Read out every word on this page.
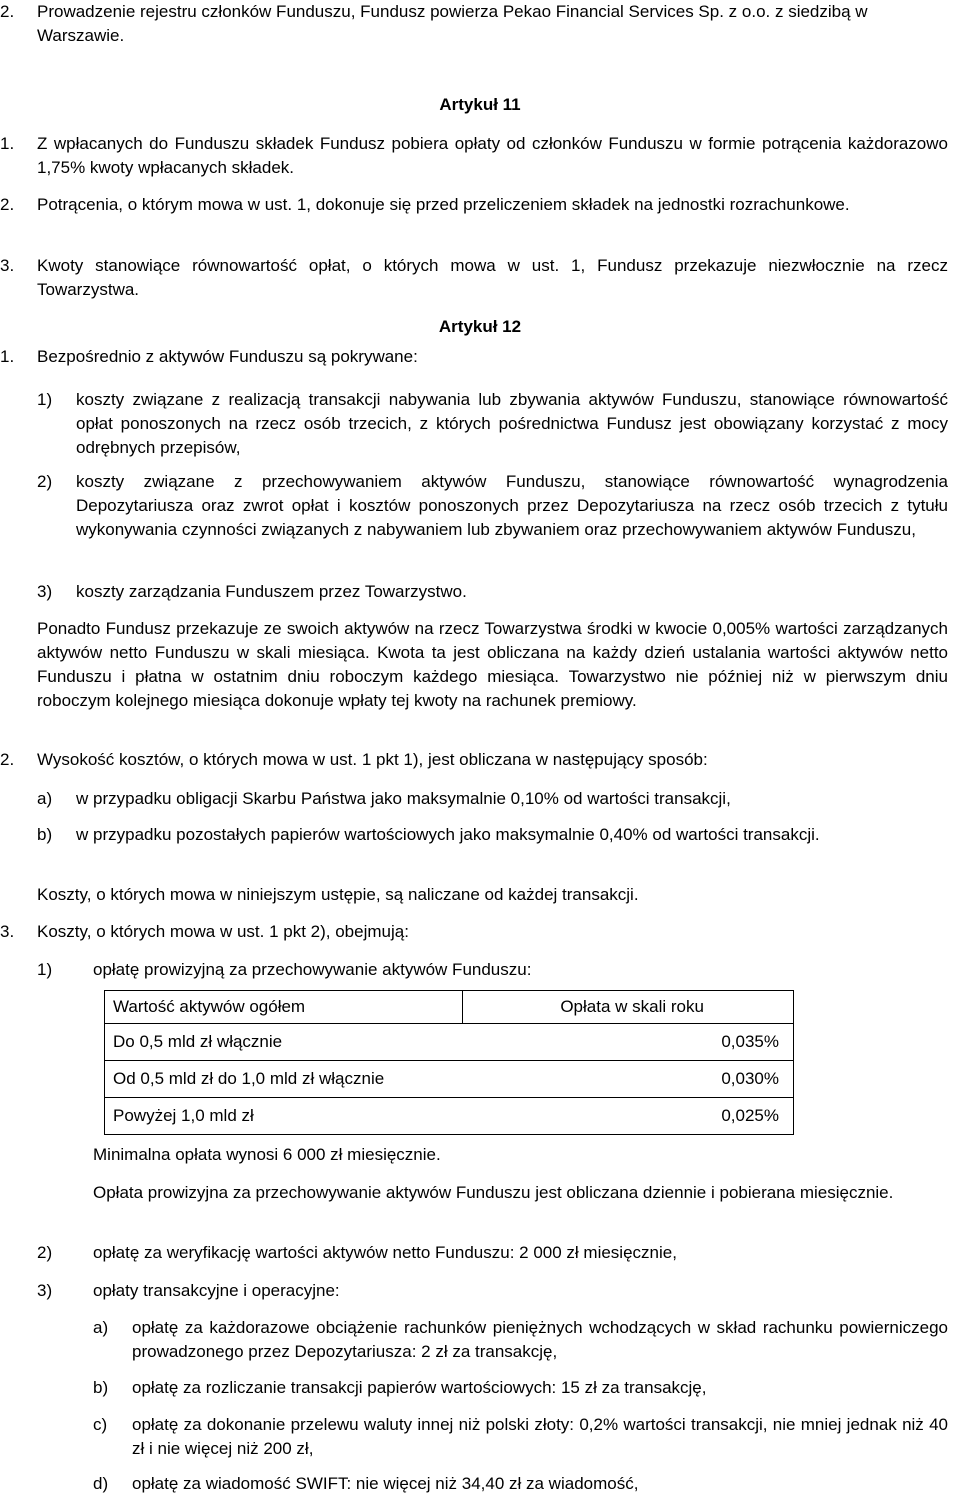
2. Prowadzenie rejestru członków Funduszu, Fundusz powierza Pekao Financial Services Sp. z o.o. z siedzibą w Warszawie.
Artykuł 11
1. Z wpłacanych do Funduszu składek Fundusz pobiera opłaty od członków Funduszu w formie potrącenia każdorazowo 1,75% kwoty wpłacanych składek.
2. Potrącenia, o którym mowa w ust. 1, dokonuje się przed przeliczeniem składek na jednostki rozrachunkowe.
3. Kwoty stanowiące równowartość opłat, o których mowa w ust. 1, Fundusz przekazuje niezwłocznie na rzecz Towarzystwa.
Artykuł 12
1. Bezpośrednio z aktywów Funduszu są pokrywane:
1) koszty związane z realizacją transakcji nabywania lub zbywania aktywów Funduszu, stanowiące równowartość opłat ponoszonych na rzecz osób trzecich, z których pośrednictwa Fundusz jest obowiązany korzystać z mocy odrębnych przepisów,
2) koszty związane z przechowywaniem aktywów Funduszu, stanowiące równowartość wynagrodzenia Depozytariusza oraz zwrot opłat i kosztów ponoszonych przez Depozytariusza na rzecz osób trzecich z tytułu wykonywania czynności związanych z nabywaniem lub zbywaniem oraz przechowywaniem aktywów Funduszu,
3) koszty zarządzania Funduszem przez Towarzystwo.
Ponadto Fundusz przekazuje ze swoich aktywów na rzecz Towarzystwa środki w kwocie 0,005% wartości zarządzanych aktywów netto Funduszu w skali miesiąca. Kwota ta jest obliczana na każdy dzień ustalania wartości aktywów netto Funduszu i płatna w ostatnim dniu roboczym każdego miesiąca. Towarzystwo nie później niż w pierwszym dniu roboczym kolejnego miesiąca dokonuje wpłaty tej kwoty na rachunek premiowy.
2. Wysokość kosztów, o których mowa w ust. 1 pkt 1), jest obliczana w następujący sposób:
a) w przypadku obligacji Skarbu Państwa jako maksymalnie 0,10% od wartości transakcji,
b) w przypadku pozostałych papierów wartościowych jako maksymalnie 0,40% od wartości transakcji.
Koszty, o których mowa w niniejszym ustępie, są naliczane od każdej transakcji.
3. Koszty, o których mowa w ust. 1 pkt 2), obejmują:
1) opłatę prowizyjną za przechowywanie aktywów Funduszu:
Wartość aktywów ogółem	Opłata w skali roku
Do 0,5 mld zł włącznie	0,035%

Od 0,5 mld zł do 1,0 mld zł włącznie	0,030%

Powyżej 1,0 mld zł	0,025%
Minimalna opłata wynosi 6 000 zł miesięcznie.
Opłata prowizyjna za przechowywanie aktywów Funduszu jest obliczana dziennie i pobierana miesięcznie.
2) opłatę za weryfikację wartości aktywów netto Funduszu: 2 000 zł miesięcznie,
3) opłaty transakcyjne i operacyjne:
a) opłatę za każdorazowe obciążenie rachunków pieniężnych wchodzących w skład rachunku powierniczego prowadzonego przez Depozytariusza: 2 zł za transakcję,
b) opłatę za rozliczanie transakcji papierów wartościowych: 15 zł za transakcję,
c) opłatę za dokonanie przelewu waluty innej niż polski złoty: 0,2% wartości transakcji, nie mniej jednak niż 40 zł i nie więcej niż 200 zł,
d) opłatę za wiadomość SWIFT: nie więcej niż 34,40 zł za wiadomość,
